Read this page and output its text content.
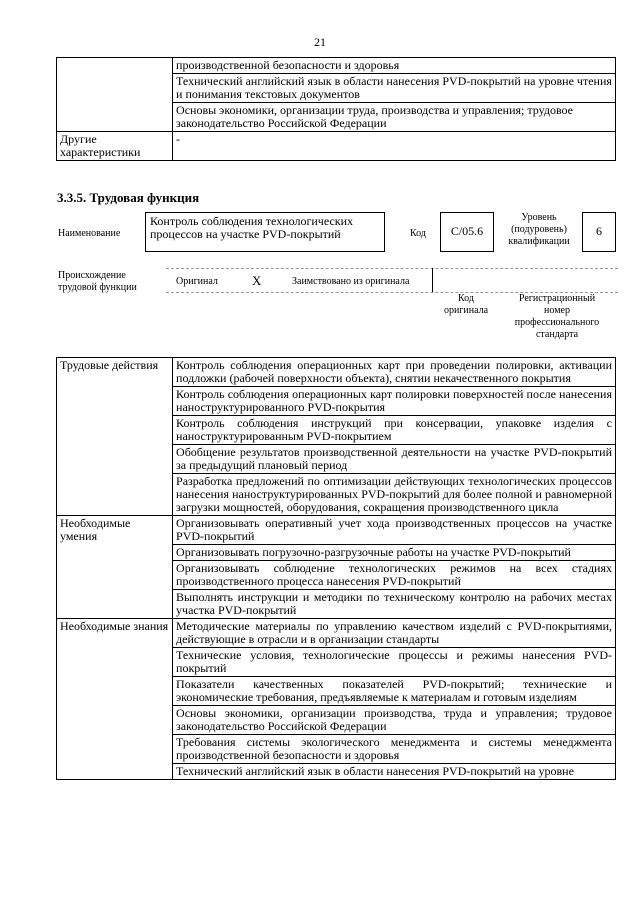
21
	производственной безопасности и здоровья
	Технический английский язык в области нанесения PVD-покрытий на уровне чтения и понимания текстовых документов
	Основы экономики, организации труда, производства и управления; трудовое законодательство Российской Федерации
Другие характеристики	-
3.3.5. Трудовая функция
Наименование
Контроль соблюдения технологических процессов на участке PVD-покрытий	Код	C/05.6
Уровень (подуровень) квалификации
6
Происхождение трудовой функции
Оригинал	X	Заимствовано из оригинала
Код оригинала
Регистрационный номер профессионального стандарта
Трудовые действия	Контроль соблюдения операционных карт при проведении полировки, активации подложки (рабочей поверхности объекта), снятии некачественного покрытия
	Контроль соблюдения операционных карт полировки поверхностей после нанесения наноструктурированного PVD-покрытия
	Контроль соблюдения инструкций при консервации, упаковке изделия с наноструктурированным PVD-покрытием
	Обобщение результатов производственной деятельности на участке PVD-покрытий за предыдущий плановый период
	Разработка предложений по оптимизации действующих технологических процессов нанесения наноструктурированных PVD-покрытий для более полной и равномерной загрузки мощностей, оборудования, сокращения производственного цикла
Необходимые умения	Организовывать оперативный учет хода производственных процессов на участке PVD-покрытий
	Организовывать погрузочно-разгрузочные работы на участке PVD-покрытий
	Организовывать соблюдение технологических режимов на всех стадиях производственного процесса нанесения PVD-покрытий
	Выполнять инструкции и методики по техническому контролю на рабочих местах участка PVD-покрытий
Необходимые знания	Методические материалы по управлению качеством изделий с PVD-покрытиями, действующие в отрасли и в организации стандарты
	Технические условия, технологические процессы и режимы нанесения PVD-покрытий
	Показатели качественных показателей PVD-покрытий; технические и экономические требования, предъявляемые к материалам и готовым изделиям
	Основы экономики, организации производства, труда и управления; трудовое законодательство Российской Федерации
	Требования системы экологического менеджмента и системы менеджмента производственной безопасности и здоровья
	Технический английский язык в области нанесения PVD-покрытий на уровне
